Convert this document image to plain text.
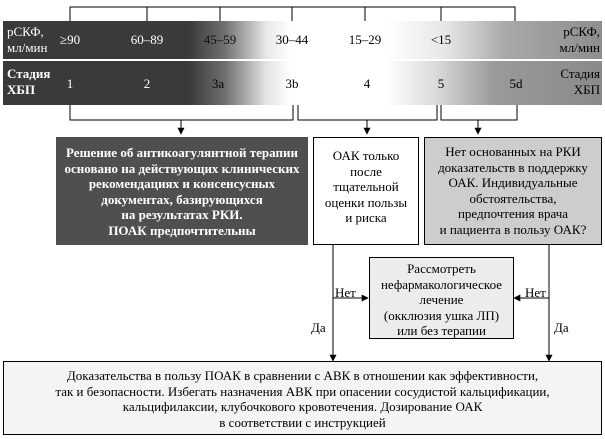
рСКФ,
мл/мин
рСКФ,
мл/мин
Стадия
ХБП
Стадия
ХБП
≥90	60–89	45–59	30–44	15–29	<15
1	2	3a	3b	4	5	5d
Решение об антикоагулянтной терапии
основано на действующих клинических
рекомендациях и консенсусных
документах, базирующихся
на результатах РКИ.
ПОАК предпочтительны
ОАК только
после
тщательной
оценки пользы
и риска
Нет основанных на РКИ
доказательств в поддержку
ОАК. Индивидуальные
обстоятельства,
предпочтения врача
и пациента в пользу ОАК?
Рассмотреть
нефармакологическое
лечение
(окклюзия ушка ЛП)
или без терапии
Доказательства в пользу ПОАК в сравнении с АВК в отношении как эффективности,
так и безопасности. Избегать назначения АВК при опасении сосудистой кальцификации,
кальцифилаксии, клубочкового кровотечения. Дозирование ОАК
в соответствии с инструкцией
Нет
Да
Нет
Да
